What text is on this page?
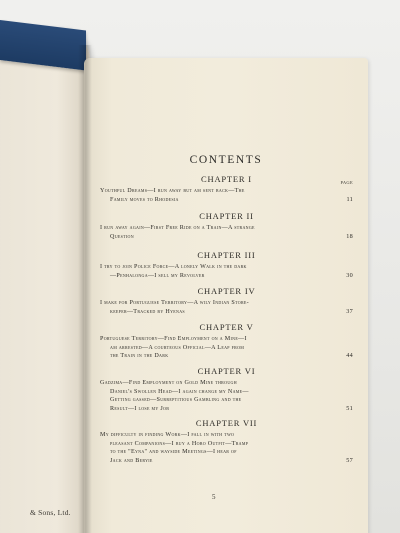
& Sons, Ltd.
CONTENTS
CHAPTER I	PAGE
Youthful Dreams—I run away but am sent back—The
Family moves to Rhodesia	11
CHAPTER II
I run away again—First Free Ride on a Train—A strange
Question	18
CHAPTER III
I try to join Police Force—A lonely Walk in the dark
—Penhalonga—I sell my Revolver	30
CHAPTER IV
I make for Portuguese Territory—A wily Indian Store-
keeper—Tracked by Hyenas	37
CHAPTER V
Portuguese Territory—Find Employment on a Mine—I
am arrested—A courteous Official—A Leap from
the Train in the Dark	44
CHAPTER VI
Gadzima—Find Employment on Gold Mine through
Daniel's Swollen Head—I again change my Name—
Getting gassed—Surreptitious Gambling and the
Result—I lose my Job	51
CHAPTER VII
My difficulty in finding Work—I fall in with two
pleasant Companions—I buy a Hobo Outfit—Tramp
to the "Eyna" and wayside Meetings—I hear of
Jack and Beryie	57
5
